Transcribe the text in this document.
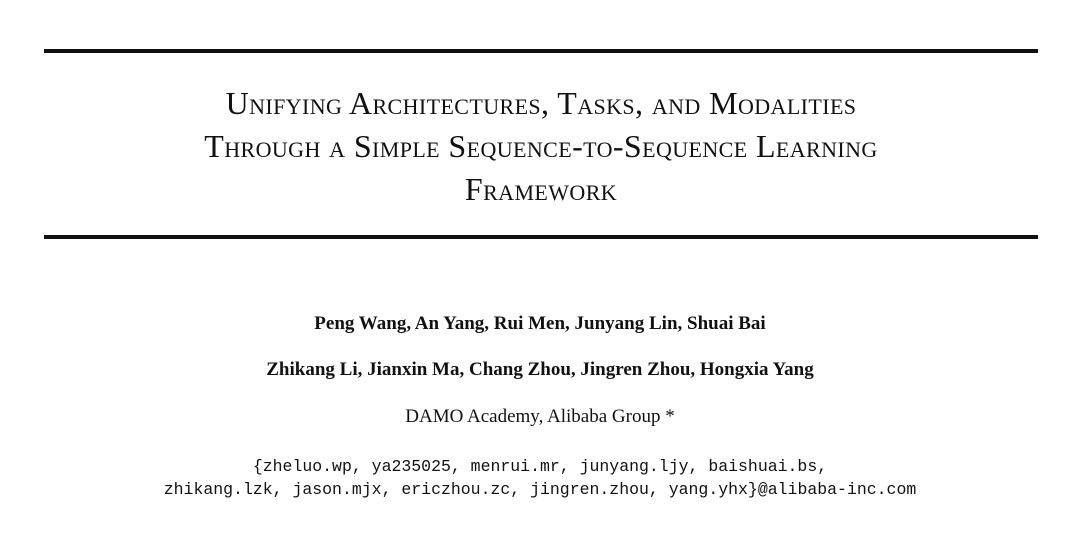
Unifying Architectures, Tasks, and Modalities
Through a Simple Sequence-to-Sequence Learning
Framework

Peng Wang, An Yang, Rui Men, Junyang Lin, Shuai Bai

Zhikang Li, Jianxin Ma, Chang Zhou, Jingren Zhou, Hongxia Yang

DAMO Academy, Alibaba Group *

{zheluo.wp, ya235025, menrui.mr, junyang.ljy, baishuai.bs,
zhikang.lzk, jason.mjx, ericzhou.zc, jingren.zhou, yang.yhx}@alibaba-inc.com
